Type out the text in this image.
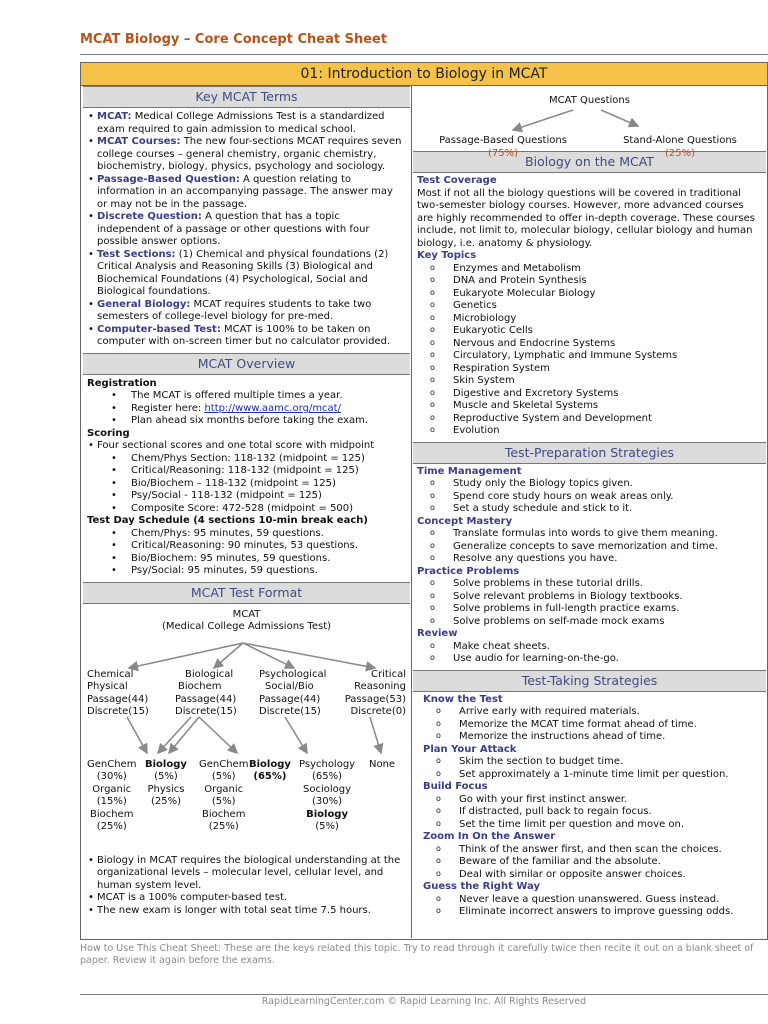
MCAT Biology – Core Concept Cheat Sheet
01: Introduction to Biology in MCAT
Key MCAT Terms
• MCAT: Medical College Admissions Test is a standardized exam required to gain admission to medical school.
• MCAT Courses: The new four-sections MCAT requires seven college courses – general chemistry, organic chemistry, biochemistry, biology, physics, psychology and sociology.
• Passage-Based Question: A question relating to information in an accompanying passage. The answer may or may not be in the passage.
• Discrete Question: A question that has a topic independent of a passage or other questions with four possible answer options.
• Test Sections: (1) Chemical and physical foundations (2) Critical Analysis and Reasoning Skills (3) Biological and Biochemical Foundations (4) Psychological, Social and Biological foundations.
• General Biology: MCAT requires students to take two semesters of college-level biology for pre-med.
• Computer-based Test: MCAT is 100% to be taken on computer with on-screen timer but no calculator provided.
MCAT Overview
Registration
• The MCAT is offered multiple times a year.
• Register here: http://www.aamc.org/mcat/
• Plan ahead six months before taking the exam.
Scoring
• Four sectional scores and one total score with midpoint
• Chem/Phys Section: 118-132 (midpoint = 125)
• Critical/Reasoning: 118-132 (midpoint = 125)
• Bio/Biochem – 118-132 (midpoint = 125)
• Psy/Social - 118-132 (midpoint = 125)
• Composite Score: 472-528 (midpoint = 500)
Test Day Schedule (4 sections 10-min break each)
• Chem/Phys: 95 minutes, 59 questions.
• Critical/Reasoning: 90 minutes, 53 questions.
• Bio/Biochem: 95 minutes, 59 questions.
• Psy/Social: 95 minutes, 59 questions.
MCAT Test Format
MCAT
(Medical College Admissions Test)
Chemical
Physical
Passage(44)
Discrete(15)
Biological
Biochem
Passage(44)
Discrete(15)
Psychological
Social/Bio
Passage(44)
Discrete(15)
Critical
Reasoning
Passage(53)
Discrete(0)
GenChem
(30%)
Organic
(15%)
Biochem
(25%)
Biology
(5%)
Physics
(25%)
GenChem
(5%)
Organic
(5%)
Biochem
(25%)
Biology
(65%)
Psychology
(65%)
Sociology
(30%)
Biology
(5%)
None
• Biology in MCAT requires the biological understanding at the organizational levels – molecular level, cellular level, and human system level.
• MCAT is a 100% computer-based test.
• The new exam is longer with total seat time 7.5 hours.
MCAT Questions
Passage-Based Questions
(75%)
Stand-Alone Questions
(25%)
Biology on the MCAT
Test Coverage
Most if not all the biology questions will be covered in traditional two-semester biology courses. However, more advanced courses are highly recommended to offer in-depth coverage. These courses include, not limit to, molecular biology, cellular biology and human biology, i.e. anatomy & physiology.
Key Topics
o Enzymes and Metabolism
o DNA and Protein Synthesis
o Eukaryote Molecular Biology
o Genetics
o Microbiology
o Eukaryotic Cells
o Nervous and Endocrine Systems
o Circulatory, Lymphatic and Immune Systems
o Respiration System
o Skin System
o Digestive and Excretory Systems
o Muscle and Skeletal Systems
o Reproductive System and Development
o Evolution
Test-Preparation Strategies
Time Management
o Study only the Biology topics given.
o Spend core study hours on weak areas only.
o Set a study schedule and stick to it.
Concept Mastery
o Translate formulas into words to give them meaning.
o Generalize concepts to save memorization and time.
o Resolve any questions you have.
Practice Problems
o Solve problems in these tutorial drills.
o Solve relevant problems in Biology textbooks.
o Solve problems in full-length practice exams.
o Solve problems on self-made mock exams
Review
o Make cheat sheets.
o Use audio for learning-on-the-go.
Test-Taking Strategies
Know the Test
o Arrive early with required materials.
o Memorize the MCAT time format ahead of time.
o Memorize the instructions ahead of time.
Plan Your Attack
o Skim the section to budget time.
o Set approximately a 1-minute time limit per question.
Build Focus
o Go with your first instinct answer.
o If distracted, pull back to regain focus.
o Set the time limit per question and move on.
Zoom In On the Answer
o Think of the answer first, and then scan the choices.
o Beware of the familiar and the absolute.
o Deal with similar or opposite answer choices.
Guess the Right Way
o Never leave a question unanswered. Guess instead.
o Eliminate incorrect answers to improve guessing odds.
How to Use This Cheat Sheet: These are the keys related this topic. Try to read through it carefully twice then recite it out on a blank sheet of paper. Review it again before the exams.
RapidLearningCenter.com © Rapid Learning Inc. All Rights Reserved
